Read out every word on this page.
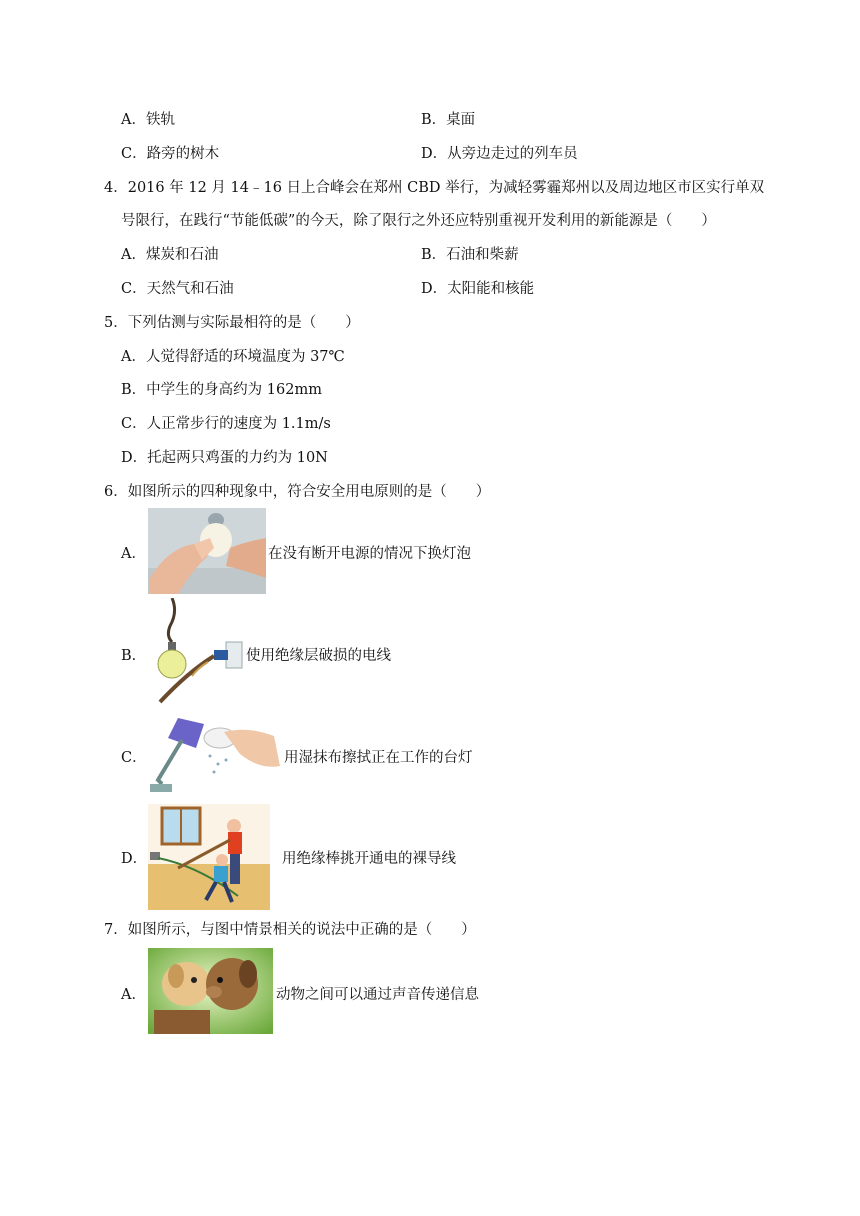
A．铁轨	B．桌面
C．路旁的树木	D．从旁边走过的列车员
4．2016 年 12 月 14﹣16 日上合峰会在郑州 CBD 举行，为减轻雾霾郑州以及周边地区市区实行单双
号限行，在践行“节能低碳”的今天，除了限行之外还应特别重视开发利用的新能源是（　　）
A．煤炭和石油	B．石油和柴薪
C．天然气和石油	D．太阳能和核能
5．下列估测与实际最相符的是（　　）
A．人觉得舒适的环境温度为 37℃
B．中学生的身高约为 162mm
C．人正常步行的速度为 1.1m/s
D．托起两只鸡蛋的力约为 10N
6．如图所示的四种现象中，符合安全用电原则的是（　　）
A．	在没有断开电源的情况下换灯泡
B．	使用绝缘层破损的电线
C．	用湿抹布擦拭正在工作的台灯
D．	用绝缘棒挑开通电的裸导线
7．如图所示，与图中情景相关的说法中正确的是（　　）
A．	动物之间可以通过声音传递信息
